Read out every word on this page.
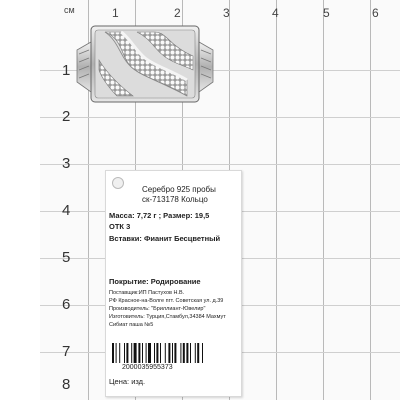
см	1	2	3	4	5	6
1
2
3
4
5
6
7
8
Серебро 925 пробы
ск-713178 Кольцо
Масса: 7,72 г ; Размер: 19,5
ОТК 3
Вставки: Фианит Бесцветный
Покрытие: Родирование
Поставщик:ИП Пастухов Н.В.
РФ Красное-на-Волге пгт. Советская ул. д.39
Производитель: "Бриллиант-Ювелир"
Изготовитель: Турция,Стамбул,34384 Махмут
Сибиат паша №5
2000035955373
Цена: изд.
